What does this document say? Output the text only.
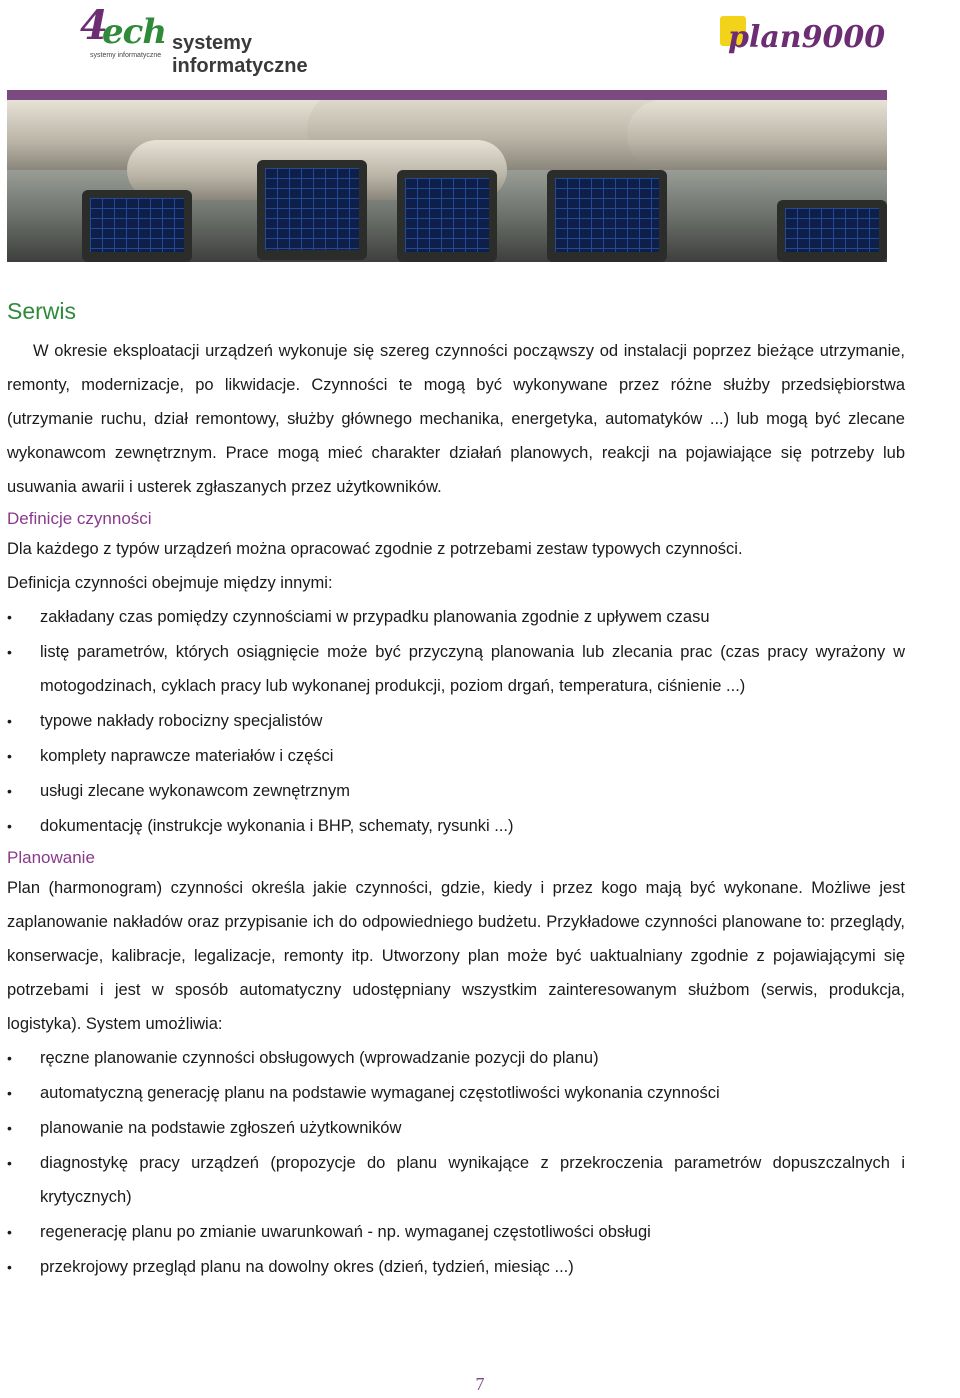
4
ech
systemy informatyczne
systemy informatyczne
plan9000
Serwis

W okresie eksploatacji urządzeń wykonuje się szereg czynności począwszy od instalacji poprzez bieżące utrzymanie, remonty, modernizacje, po likwidacje. Czynności te mogą być wykonywane przez różne służby przedsiębiorstwa (utrzymanie ruchu, dział remontowy, służby głównego mechanika, energetyka, automatyków ...) lub mogą być zlecane wykonawcom zewnętrznym. Prace mogą mieć charakter działań planowych, reakcji na pojawiające się potrzeby lub usuwania awarii i usterek zgłaszanych przez użytkowników.

Definicje czynności

Dla każdego z typów urządzeń można opracować zgodnie z potrzebami zestaw typowych czynności.

Definicja czynności obejmuje między innymi:

• zakładany czas pomiędzy czynnościami w przypadku planowania zgodnie z upływem czasu
• listę parametrów, których osiągnięcie może być przyczyną planowania lub zlecania prac (czas pracy wyrażony w motogodzinach, cyklach pracy lub wykonanej produkcji, poziom drgań, temperatura, ciśnienie ...)
• typowe nakłady robocizny specjalistów
• komplety naprawcze materiałów i części
• usługi zlecane wykonawcom zewnętrznym
• dokumentację (instrukcje wykonania i BHP, schematy, rysunki ...)
Planowanie

Plan (harmonogram) czynności określa jakie czynności, gdzie, kiedy i przez kogo mają być wykonane. Możliwe jest zaplanowanie nakładów oraz przypisanie ich do odpowiedniego budżetu. Przykładowe czynności planowane to: przeglądy, konserwacje, kalibracje, legalizacje, remonty itp. Utworzony plan może być uaktualniany zgodnie z pojawiającymi się potrzebami i jest w sposób automatyczny udostępniany wszystkim zainteresowanym służbom (serwis, produkcja, logistyka). System umożliwia:

• ręczne planowanie czynności obsługowych (wprowadzanie pozycji do planu)
• automatyczną generację planu na podstawie wymaganej częstotliwości wykonania czynności
• planowanie na podstawie zgłoszeń użytkowników
• diagnostykę pracy urządzeń (propozycje do planu wynikające z przekroczenia parametrów dopuszczalnych i krytycznych)
• regenerację planu po zmianie uwarunkowań - np. wymaganej częstotliwości obsługi
• przekrojowy przegląd planu na dowolny okres (dzień, tydzień, miesiąc ...)
7
